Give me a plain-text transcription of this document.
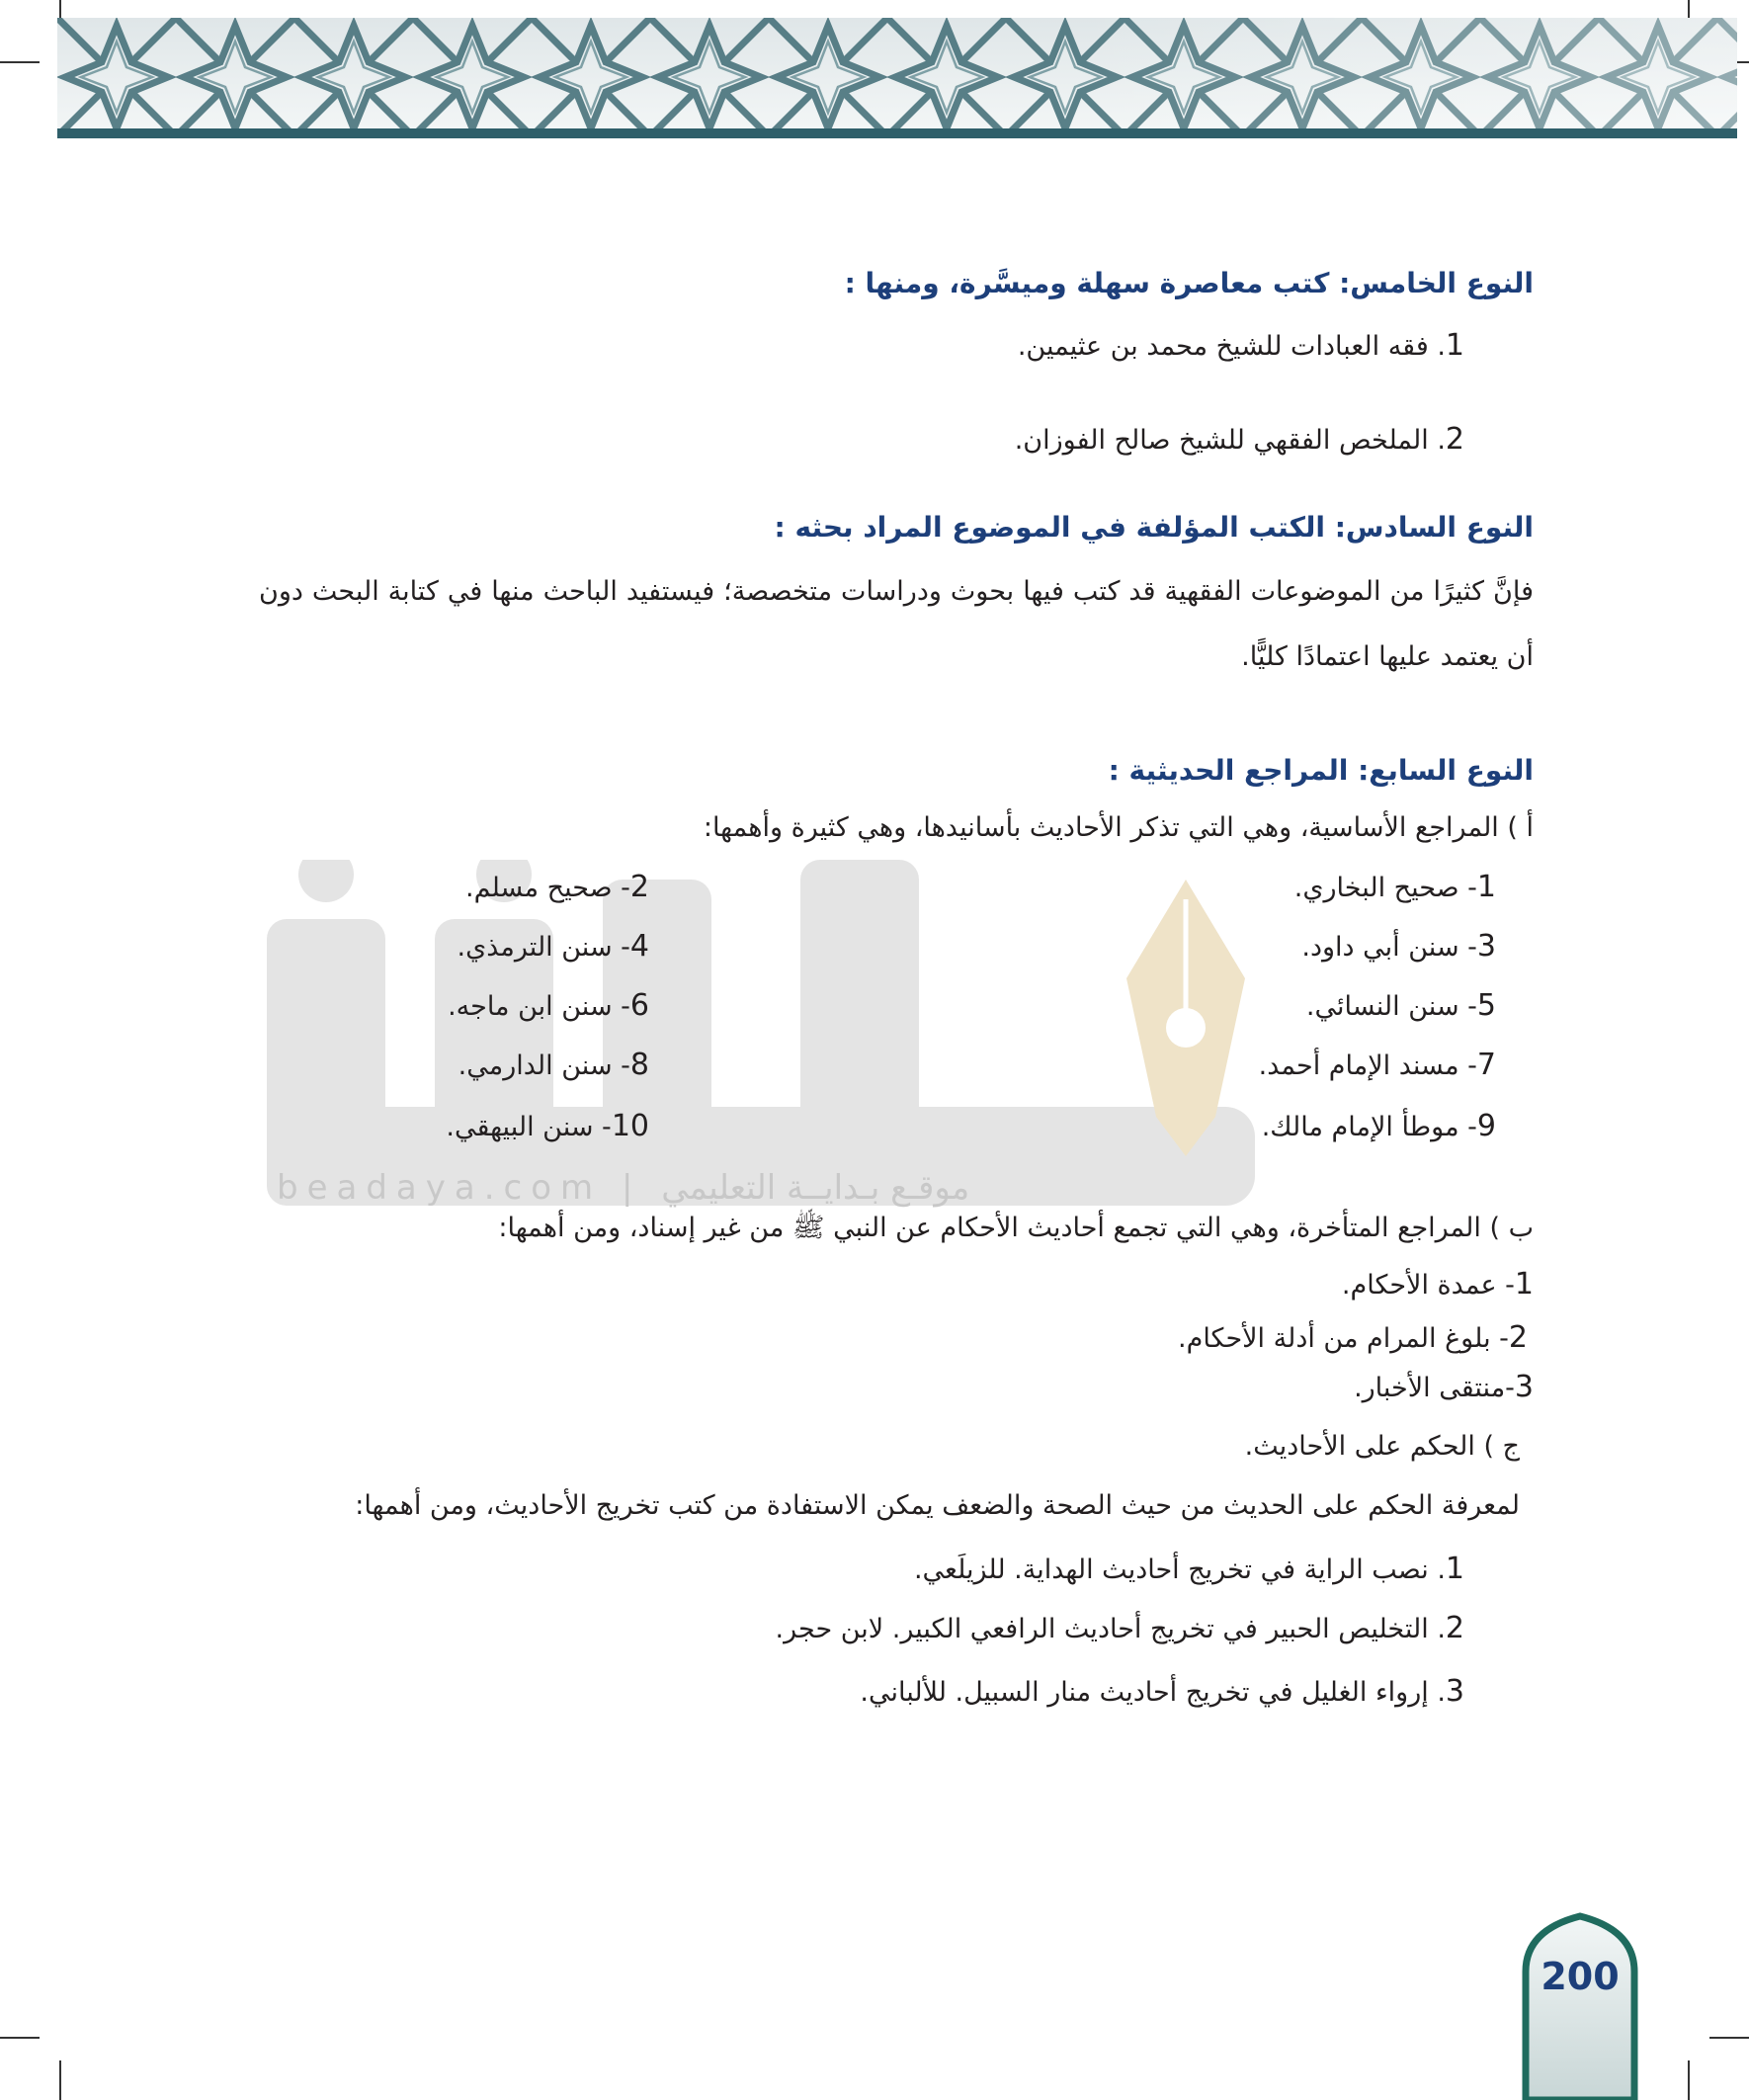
beadaya.com | موقـع بـدايــة التعليمي
النوع الخامس: كتب معاصرة سهلة وميسَّرة، ومنها :
1. فقه العبادات للشيخ محمد بن عثيمين.
2. الملخص الفقهي للشيخ صالح الفوزان.
النوع السادس: الكتب المؤلفة في الموضوع المراد بحثه :
فإنَّ كثيرًا من الموضوعات الفقهية قد كتب فيها بحوث ودراسات متخصصة؛ فيستفيد الباحث منها في كتابة البحث دون أن يعتمد عليها اعتمادًا كليًّا.
النوع السابع: المراجع الحديثية :
أ ) المراجع الأساسية، وهي التي تذكر الأحاديث بأسانيدها، وهي كثيرة وأهمها:
1- صحيح البخاري.
3- سنن أبي داود.
5- سنن النسائي.
7- مسند الإمام أحمد.
9- موطأ الإمام مالك.
2- صحيح مسلم.
4- سنن الترمذي.
6- سنن ابن ماجه.
8- سنن الدارمي.
10- سنن البيهقي.
ب ) المراجع المتأخرة، وهي التي تجمع أحاديث الأحكام عن النبي ﷺ من غير إسناد، ومن أهمها:
1- عمدة الأحكام.
2- بلوغ المرام من أدلة الأحكام.
3-منتقى الأخبار.
ج ) الحكم على الأحاديث.
لمعرفة الحكم على الحديث من حيث الصحة والضعف يمكن الاستفادة من كتب تخريج الأحاديث، ومن أهمها:
1. نصب الراية في تخريج أحاديث الهداية. للزيلَعي.
2. التخليص الحبير في تخريج أحاديث الرافعي الكبير. لابن حجر.
3. إرواء الغليل في تخريج أحاديث منار السبيل. للألباني.
200
